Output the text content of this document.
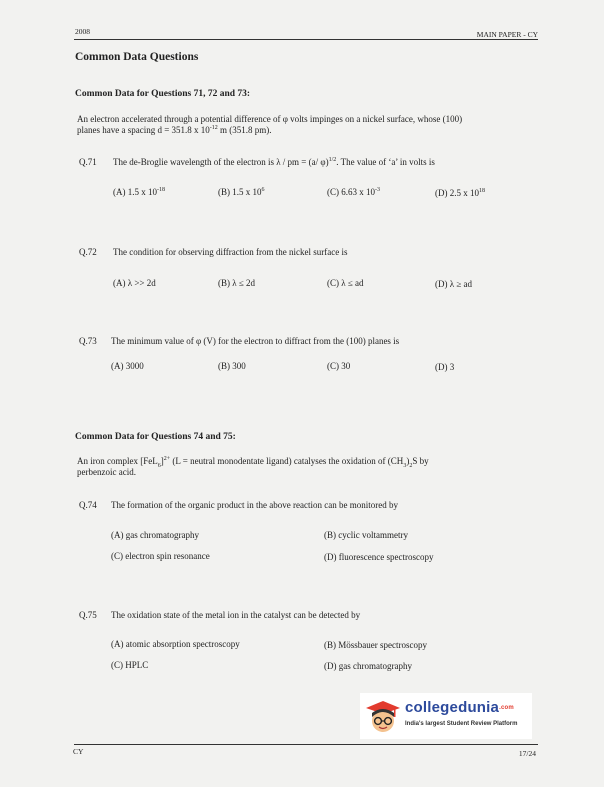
2008	MAIN PAPER - CY
Common Data Questions
Common Data for Questions 71, 72 and 73:
An electron accelerated through a potential difference of φ volts impinges on a nickel surface, whose (100)
planes have a spacing d = 351.8 x $10^{-12}$ m (351.8 pm).
Q.71 The de-Broglie wavelength of the electron is λ / pm = (a/ φ)$^{1/2}$. The value of ‘a’ in volts is
(A) 1.5 x $10^{-18}$	(B) 1.5 x $10^6$	(C) 6.63 x $10^{-3}$	(D) 2.5 x $10^{18}$
Q.72 The condition for observing diffraction from the nickel surface is
(A) λ >> 2d	(B) λ ≤ 2d	(C) λ ≤ ad	(D) λ ≥ ad
Q.73 The minimum value of φ (V) for the electron to diffract from the (100) planes is
(A) 3000	(B) 300	(C) 30	(D) 3
Common Data for Questions 74 and 75:
An iron complex $[FeL_6]^{2+}$ (L = neutral monodentate ligand) catalyses the oxidation of $(CH_3)_2S$ by
perbenzoic acid.
Q.74 The formation of the organic product in the above reaction can be monitored by
(A) gas chromatography	(B) cyclic voltammetry
(C) electron spin resonance	(D) fluorescence spectroscopy
Q.75 The oxidation state of the metal ion in the catalyst can be detected by
(A) atomic absorption spectroscopy	(B) Mössbauer spectroscopy
(C) HPLC	(D) gas chromatography
collegedunia.com
India's largest Student Review Platform
CY	17/24
